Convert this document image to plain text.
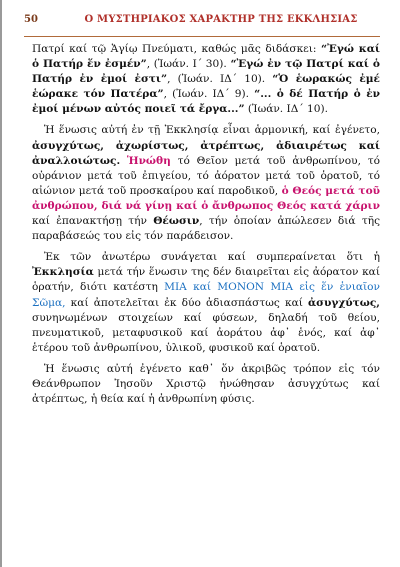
50	Ο ΜΥΣΤΗΡΙΑΚΟΣ ΧΑΡΑΚΤΗΡ ΤΗΣ ΕΚΚΛΗΣΙΑΣ

Πατρί καί τῷ Ἁγίῳ Πνεύματι, καθώς μᾶς διδάσκει: “Ἐγώ καί ὁ Πατήρ ἕν ἐσμέν”, (Ἰωάν. Ι΄ 30). “Ἐγώ ἐν τῷ Πατρί καί ὁ Πατήρ ἐν ἐμοί ἐστι”, (Ἰωάν. ΙΔ΄ 10). “Ὁ ἑωρακώς ἐμέ ἑώρακε τόν Πατέρα”, (Ἰωάν. ΙΔ΄ 9). “... ὁ δέ Πατήρ ὁ ἐν ἐμοί μένων αὐτός ποιεῖ τά ἔργα...” (Ἰωάν. ΙΔ΄ 10).

Ἡ ἕνωσις αὐτή ἐν τῇ Ἐκκλησίᾳ εἶναι ἁρμονική, καί ἐγένετο, ἀσυγχύτως, ἀχωρίστως, ἀτρέπτως, ἀδιαιρέτως καί ἀναλλοιώτως. Ἡνώθη τό Θεῖον μετά τοῦ ἀνθρωπίνου, τό οὐράνιον μετά τοῦ ἐπιγείου, τό ἀόρατον μετά τοῦ ὁρατοῦ, τό αἰώνιον μετά τοῦ προσκαίρου καί παροδικοῦ, ὁ Θεός μετά τοῦ ἀνθρώπου, διά νά γίνῃ καί ὁ ἄνθρωπος Θεός κατά χάριν καί ἐπανακτήσῃ τήν Θέωσιν, τήν ὁποίαν ἀπώλεσεν διά τῆς παραβάσεώς του εἰς τόν παράδεισον.

Ἐκ τῶν ἀνωτέρω συνάγεται καί συμπεραίνεται ὅτι ἡ Ἐκκλησία μετά τήν ἕνωσιν της δέν διαιρεῖται εἰς ἀόρατον καί ὁρατήν, διότι κατέστη ΜΙΑ καί ΜΟΝΟΝ ΜΙΑ εἰς ἕν ἑνιαῖον Σῶμα, καί ἀποτελεῖται ἐκ δύο ἀδιασπάστως καί ἀσυγχύτως, συνηνωμένων στοιχείων καί φύσεων, δηλαδή τοῦ θείου, πνευματικοῦ, μεταφυσικοῦ καί ἀοράτου ἀφ᾽ ἑνός, καί ἀφ᾽ ἑτέρου τοῦ ἀνθρωπίνου, ὑλικοῦ, φυσικοῦ καί ὁρατοῦ.

Ἡ ἕνωσις αὐτή ἐγένετο καθ᾽ ὅν ἀκριβῶς τρόπον εἰς τόν Θεάνθρωπον Ἰησοῦν Χριστῷ ἡνώθησαν ἀσυγχύτως καί ἀτρέπτως, ἡ θεία καί ἡ ἀνθρωπίνη φύσις.
